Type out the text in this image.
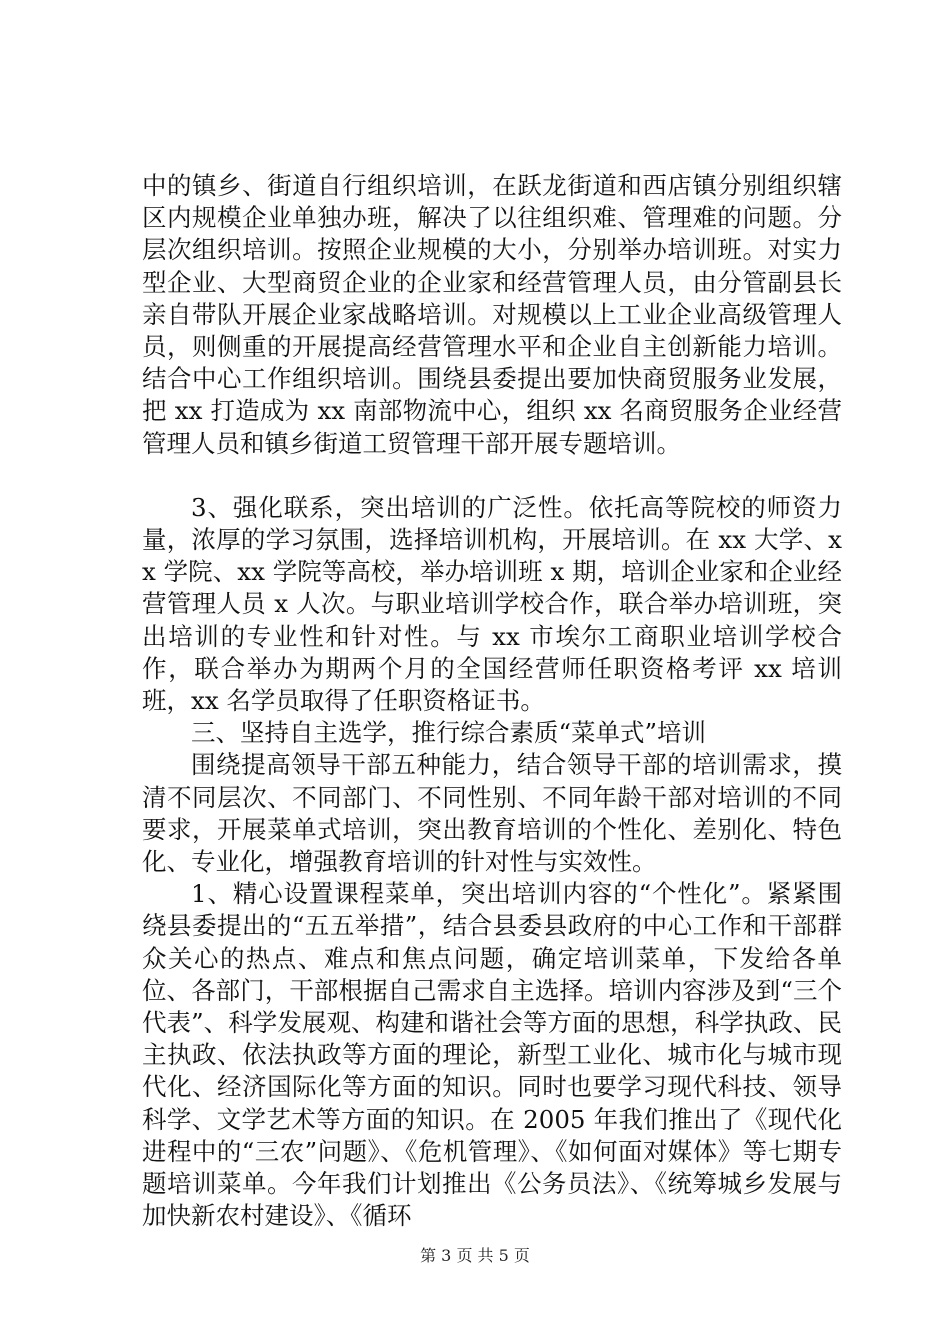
中的镇乡、街道自行组织培训，在跃龙街道和西店镇分别组织辖区内规模企业单独办班，解决了以往组织难、管理难的问题。分层次组织培训。按照企业规模的大小，分别举办培训班。对实力型企业、大型商贸企业的企业家和经营管理人员，由分管副县长亲自带队开展企业家战略培训。对规模以上工业企业高级管理人员，则侧重的开展提高经营管理水平和企业自主创新能力培训。结合中心工作组织培训。围绕县委提出要加快商贸服务业发展，把 xx 打造成为 xx 南部物流中心，组织 xx 名商贸服务企业经营管理人员和镇乡街道工贸管理干部开展专题培训。

3、强化联系，突出培训的广泛性。依托高等院校的师资力量，浓厚的学习氛围，选择培训机构，开展培训。在 xx 大学、xx 学院、xx 学院等高校，举办培训班 x 期，培训企业家和企业经营管理人员 x 人次。与职业培训学校合作，联合举办培训班，突出培训的专业性和针对性。与 xx 市埃尔工商职业培训学校合作，联合举办为期两个月的全国经营师任职资格考评 xx 培训班，xx 名学员取得了任职资格证书。

三、坚持自主选学，推行综合素质“菜单式”培训

围绕提高领导干部五种能力，结合领导干部的培训需求，摸清不同层次、不同部门、不同性别、不同年龄干部对培训的不同要求，开展菜单式培训，突出教育培训的个性化、差别化、特色化、专业化，增强教育培训的针对性与实效性。

1、精心设置课程菜单，突出培训内容的“个性化”。紧紧围绕县委提出的“五五举措”，结合县委县政府的中心工作和干部群众关心的热点、难点和焦点问题，确定培训菜单，下发给各单位、各部门，干部根据自己需求自主选择。培训内容涉及到“三个代表”、科学发展观、构建和谐社会等方面的思想，科学执政、民主执政、依法执政等方面的理论，新型工业化、城市化与城市现代化、经济国际化等方面的知识。同时也要学习现代科技、领导科学、文学艺术等方面的知识。在 2005 年我们推出了《现代化进程中的“三农”问题》、《危机管理》、《如何面对媒体》等七期专题培训菜单。今年我们计划推出《公务员法》、《统筹城乡发展与加快新农村建设》、《循环

第 3 页 共 5 页
